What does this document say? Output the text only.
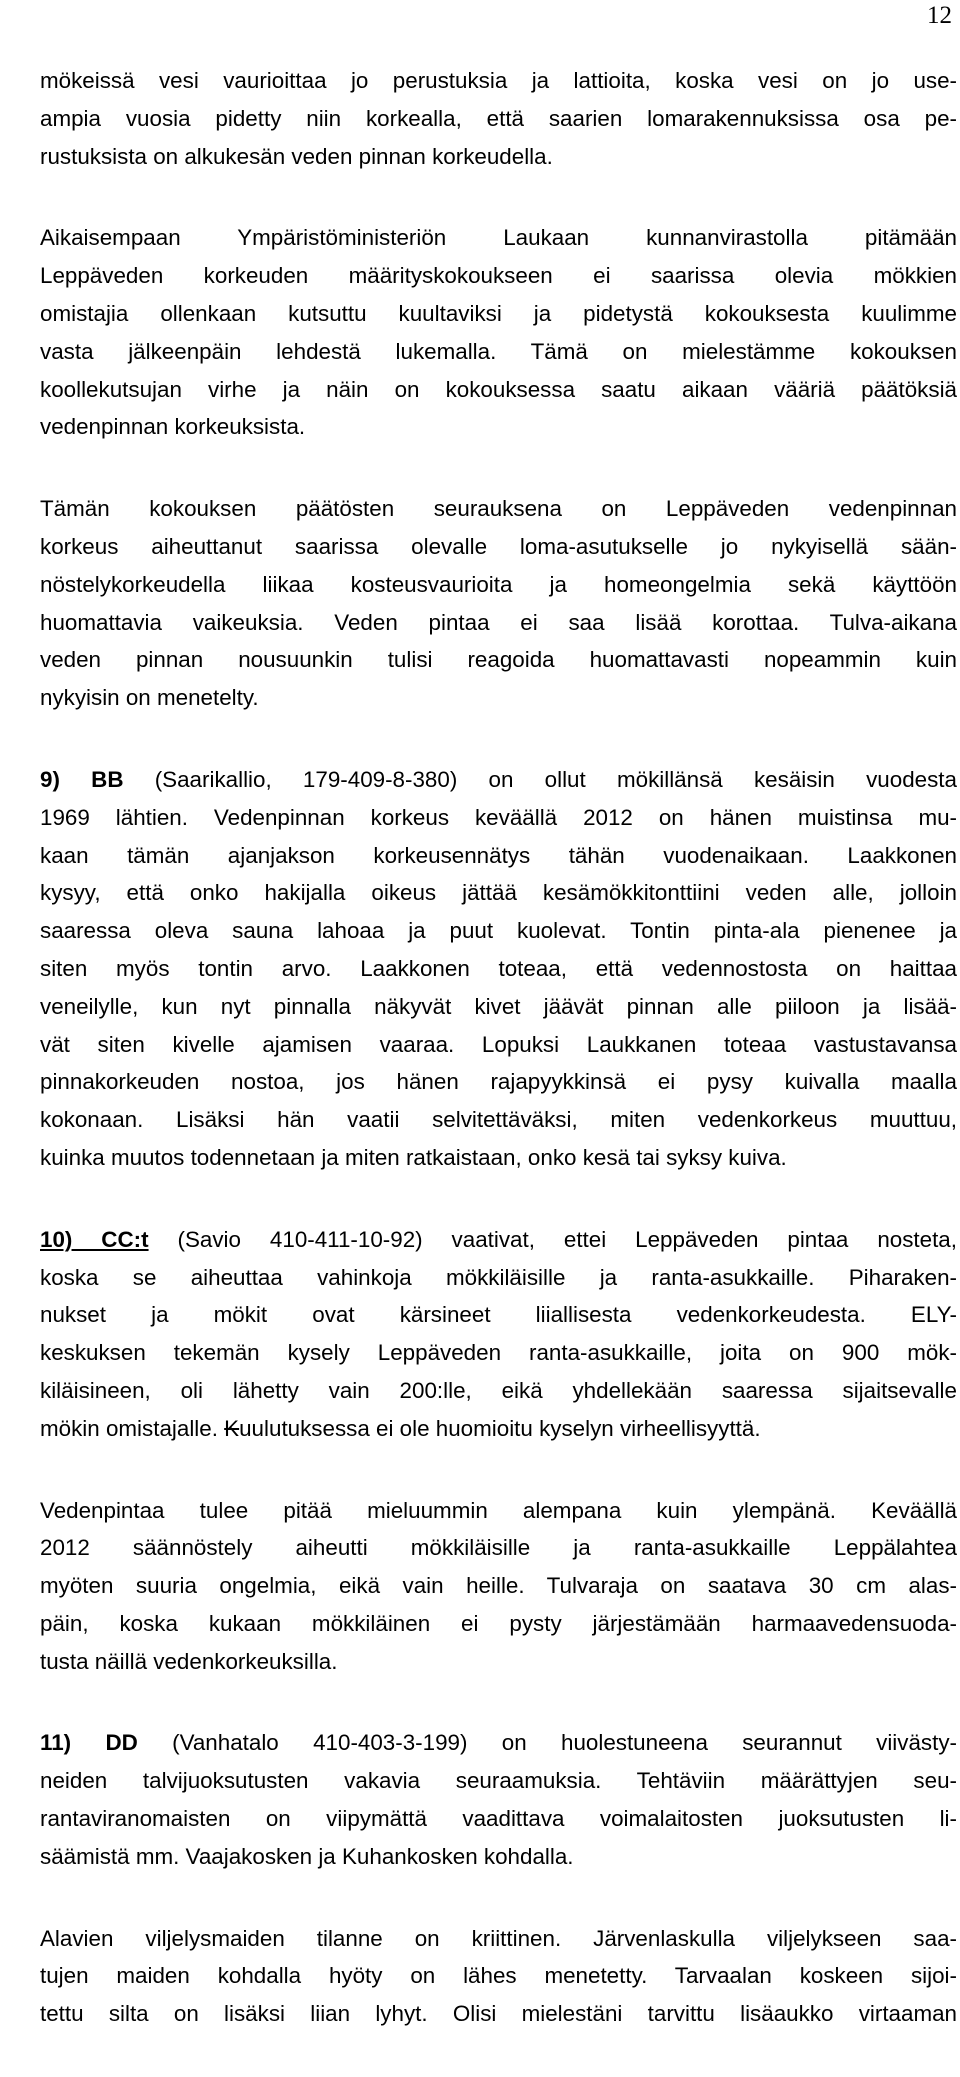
12

mökeissä vesi vaurioittaa jo perustuksia ja lattioita, koska vesi on jo use-
ampia vuosia pidetty niin korkealla, että saarien lomarakennuksissa osa pe-
rustuksista on alkukesän veden pinnan korkeudella.

Aikaisempaan Ympäristöministeriön Laukaan kunnanvirastolla pitämään
Leppäveden korkeuden määrityskokoukseen ei saarissa olevia mökkien
omistajia ollenkaan kutsuttu kuultaviksi ja pidetystä kokouksesta kuulimme
vasta jälkeenpäin lehdestä lukemalla. Tämä on mielestämme kokouksen
koollekutsujan virhe ja näin on kokouksessa saatu aikaan vääriä päätöksiä
vedenpinnan korkeuksista.

Tämän kokouksen päätösten seurauksena on Leppäveden vedenpinnan
korkeus aiheuttanut saarissa olevalle loma-asutukselle jo nykyisellä sään-
nöstelykorkeudella liikaa kosteusvaurioita ja homeongelmia sekä käyttöön
huomattavia vaikeuksia. Veden pintaa ei saa lisää korottaa. Tulva-aikana
veden pinnan nousuunkin tulisi reagoida huomattavasti nopeammin kuin
nykyisin on menetelty.

9) BB (Saarikallio, 179-409-8-380) on ollut mökillänsä kesäisin vuodesta
1969 lähtien. Vedenpinnan korkeus keväällä 2012 on hänen muistinsa mu-
kaan tämän ajanjakson korkeusennätys tähän vuodenaikaan. Laakkonen
kysyy, että onko hakijalla oikeus jättää kesämökkitonttiini veden alle, jolloin
saaressa oleva sauna lahoaa ja puut kuolevat. Tontin pinta-ala pienenee ja
siten myös tontin arvo. Laakkonen toteaa, että vedennostosta on haittaa
veneilylle, kun nyt pinnalla näkyvät kivet jäävät pinnan alle piiloon ja lisää-
vät siten kivelle ajamisen vaaraa. Lopuksi Laukkanen toteaa vastustavansa
pinnakorkeuden nostoa, jos hänen rajapyykkinsä ei pysy kuivalla maalla
kokonaan. Lisäksi hän vaatii selvitettäväksi, miten vedenkorkeus muuttuu,
kuinka muutos todennetaan ja miten ratkaistaan, onko kesä tai syksy kuiva.

10) CC:t (Savio 410-411-10-92) vaativat, ettei Leppäveden pintaa nosteta,
koska se aiheuttaa vahinkoja mökkiläisille ja ranta-asukkaille. Piharaken-
nukset ja mökit ovat kärsineet liiallisesta vedenkorkeudesta. ELY-
keskuksen tekemän kysely Leppäveden ranta-asukkaille, joita on 900 mök-
kiläisineen, oli lähetty vain 200:lle, eikä yhdellekään saaressa sijaitsevalle
mökin omistajalle. Kuulutuksessa ei ole huomioitu kyselyn virheellisyyttä.

Vedenpintaa tulee pitää mieluummin alempana kuin ylempänä. Keväällä
2012 säännöstely aiheutti mökkiläisille ja ranta-asukkaille Leppälahtea
myöten suuria ongelmia, eikä vain heille. Tulvaraja on saatava 30 cm alas-
päin, koska kukaan mökkiläinen ei pysty järjestämään harmaavedensuoda-
tusta näillä vedenkorkeuksilla.

11) DD (Vanhatalo 410-403-3-199) on huolestuneena seurannut viivästy-
neiden talvijuoksutusten vakavia seuraamuksia. Tehtäviin määrättyjen seu-
rantaviranomaisten on viipymättä vaadittava voimalaitosten juoksutusten li-
säämistä mm. Vaajakosken ja Kuhankosken kohdalla.

Alavien viljelysmaiden tilanne on kriittinen. Järvenlaskulla viljelykseen saa-
tujen maiden kohdalla hyöty on lähes menetetty. Tarvaalan koskeen sijoi-
tettu silta on lisäksi liian lyhyt. Olisi mielestäni tarvittu lisäaukko virtaaman
